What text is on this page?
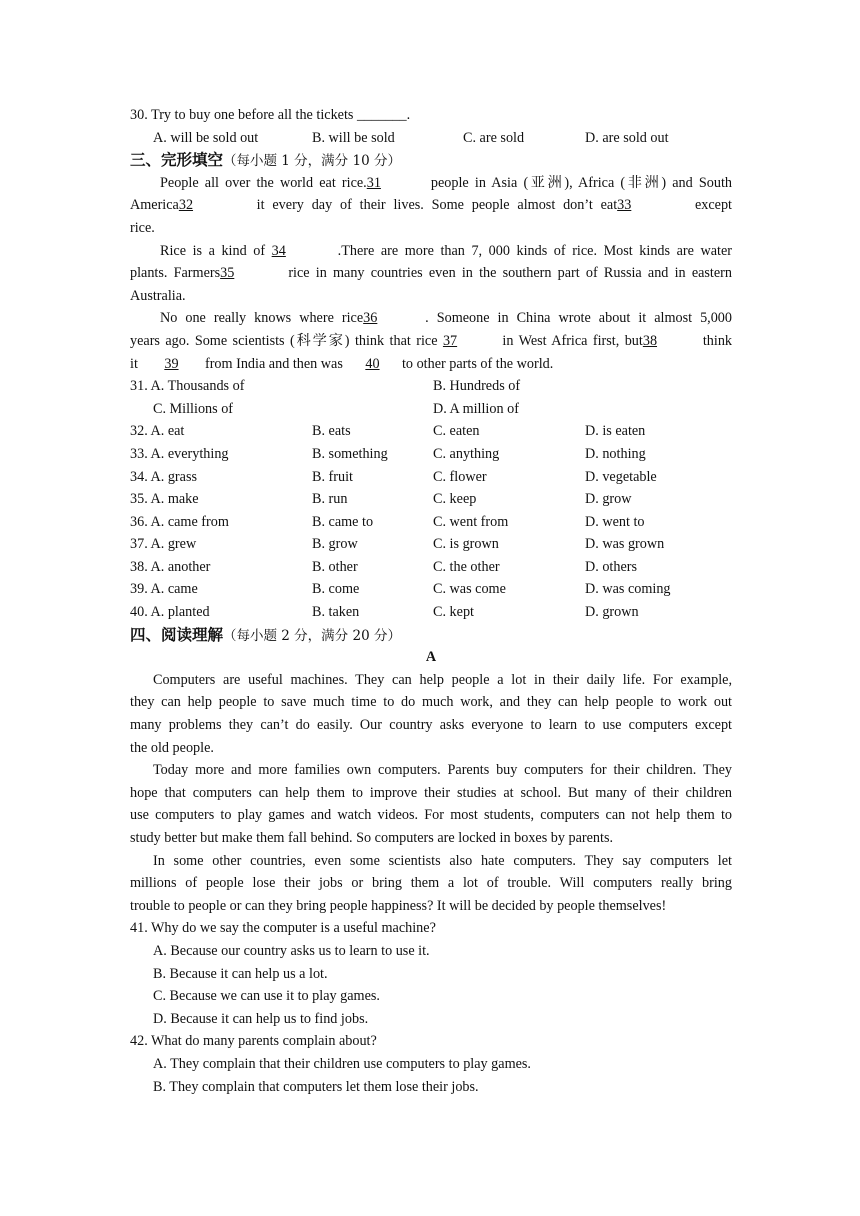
30. Try to buy one before all the tickets _______.
A. will be sold out	B. will be sold	C. are sold	D. are sold out
三、完形填空（每小题 1 分，满分 10 分）
People all over the world eat rice.31	people in Asia (亚洲), Africa (非洲) and South
America32	it every day of their lives. Some people almost don’t eat33	except
rice.
Rice is a kind of 34	.There are more than 7, 000 kinds of rice. Most kinds are water
plants. Farmers35	rice in many countries even in the southern part of Russia and in eastern
Australia.
No one really knows where rice36	. Someone in China wrote about it almost 5,000
years ago. Some scientists (科学家) think that rice 37	in West Africa first, but38	think
it 39 from India and then was 40 to other parts of the world.
31. A. Thousands of	B. Hundreds of
C. Millions of	D. A million of
32. A. eat	B. eats	C. eaten	D. is eaten
33. A. everything	B. something	C. anything	D. nothing
34. A. grass	B. fruit	C. flower	D. vegetable
35. A. make	B. run	C. keep	D. grow
36. A. came from	B. came to	C. went from	D. went to
37. A. grew	B. grow	C. is grown	D. was grown
38. A. another	B. other	C. the other	D. others
39. A. came	B. come	C. was come	D. was coming
40. A. planted	B. taken	C. kept	D. grown
四、阅读理解（每小题 2 分，满分 20 分）
A
Computers are useful machines. They can help people a lot in their daily life. For example,
they can help people to save much time to do much work, and they can help people to work out
many problems they can’t do easily. Our country asks everyone to learn to use computers except
the old people.
Today more and more families own computers. Parents buy computers for their children. They
hope that computers can help them to improve their studies at school. But many of their children
use computers to play games and watch videos. For most students, computers can not help them to
study better but make them fall behind. So computers are locked in boxes by parents.
In some other countries, even some scientists also hate computers. They say computers let
millions of people lose their jobs or bring them a lot of trouble. Will computers really bring
trouble to people or can they bring people happiness? It will be decided by people themselves!
41. Why do we say the computer is a useful machine?
A. Because our country asks us to learn to use it.
B. Because it can help us a lot.
C. Because we can use it to play games.
D. Because it can help us to find jobs.
42. What do many parents complain about?
A. They complain that their children use computers to play games.
B. They complain that computers let them lose their jobs.
